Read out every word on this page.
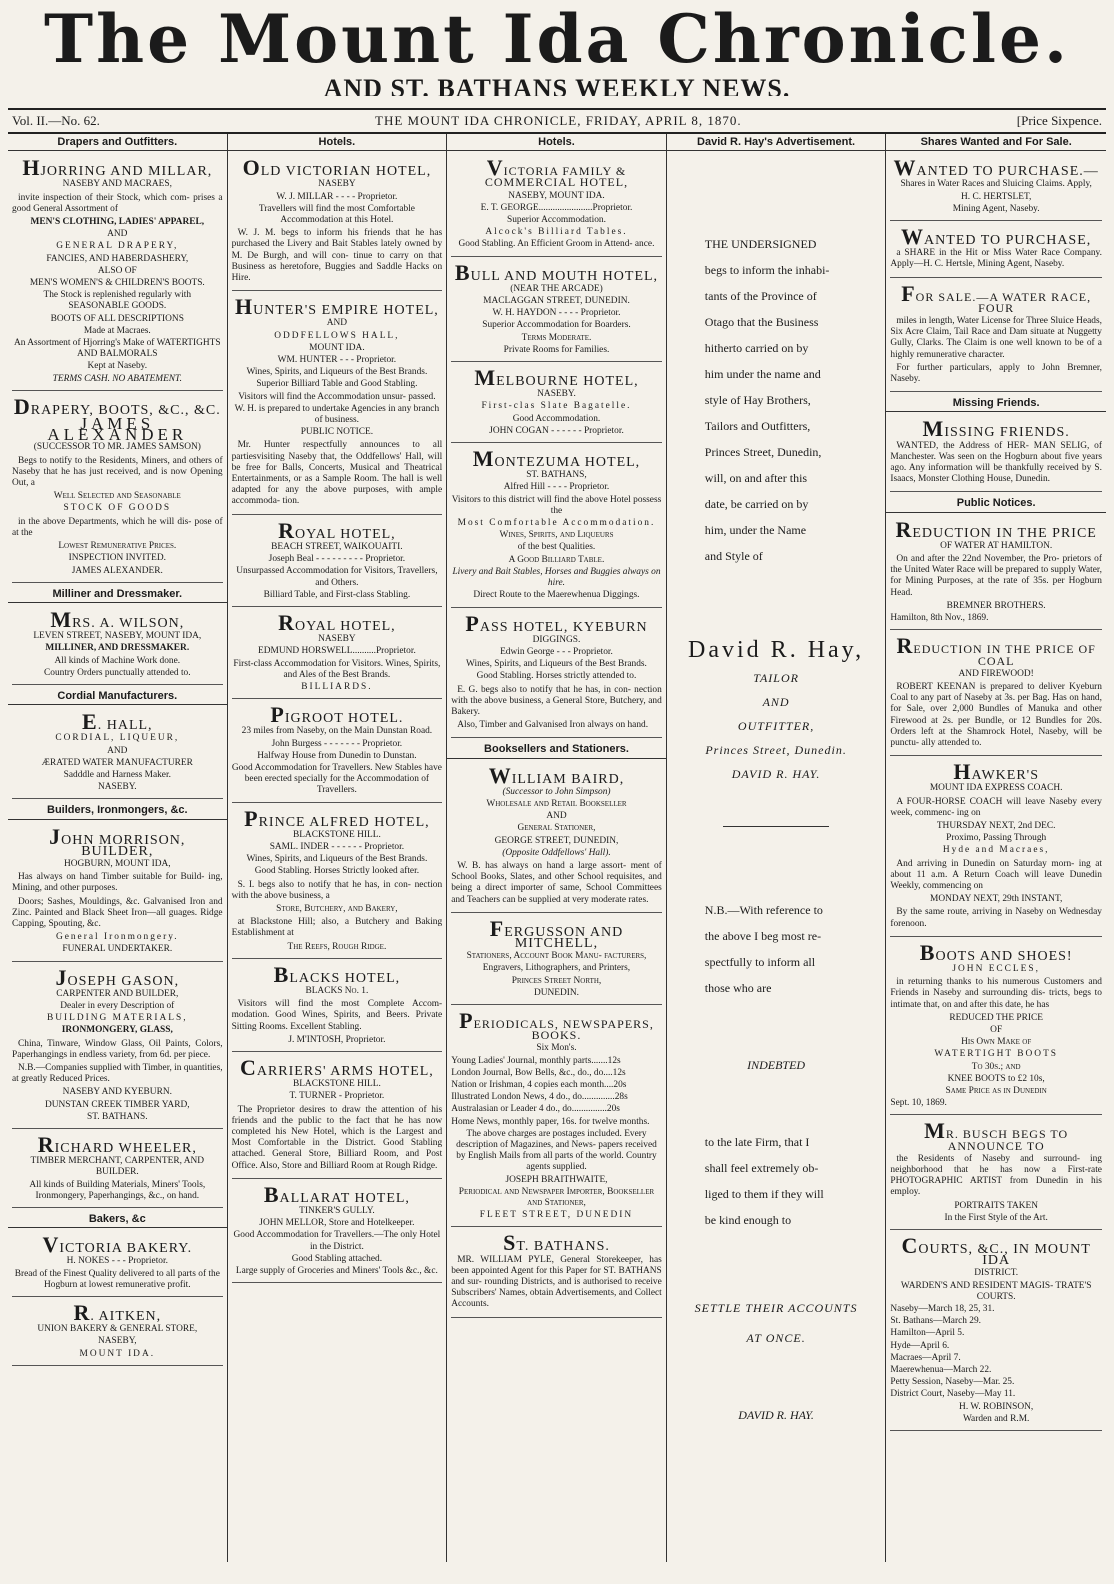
The Mount Ida Chronicle.
AND ST. BATHANS WEEKLY NEWS.
Vol. II.—No. 62.	THE MOUNT IDA CHRONICLE, FRIDAY, APRIL 8, 1870.	[Price Sixpence.
Drapers and Outfitters.
HJORRING AND MILLAR,
NASEBY AND MACRAES,
invite inspection of their Stock, which com- prises a good General Assortment of
MEN'S CLOTHING, LADIES' APPAREL,
AND
GENERAL DRAPERY,
FANCIES, AND HABERDASHERY,
ALSO OF
MEN'S WOMEN'S & CHILDREN'S BOOTS.
The Stock is replenished regularly with SEASONABLE GOODS.
BOOTS OF ALL DESCRIPTIONS
Made at Macraes.
An Assortment of Hjorring's Make of WATERTIGHTS AND BALMORALS
Kept at Naseby.
TERMS CASH. NO ABATEMENT.
DRAPERY, BOOTS, &C., &C.
JAMES ALEXANDER
(SUCCESSOR TO MR. JAMES SAMSON)
Begs to notify to the Residents, Miners, and others of Naseby that he has just received, and is now Opening Out, a
Well Selected and Seasonable
STOCK OF GOODS
in the above Departments, which he will dis- pose of at the
Lowest Remunerative Prices.
INSPECTION INVITED.
JAMES ALEXANDER.
Milliner and Dressmaker.
MRS. A. WILSON,
LEVEN STREET, NASEBY, MOUNT IDA,
MILLINER, AND DRESSMAKER.
All kinds of Machine Work done.
Country Orders punctually attended to.
Cordial Manufacturers.
E. HALL,
CORDIAL, LIQUEUR,
AND
ÆRATED WATER MANUFACTURER
Sadddle and Harness Maker.
NASEBY.
Builders, Ironmongers, &c.
JOHN MORRISON, BUILDER,
HOGBURN, MOUNT IDA,
Has always on hand Timber suitable for Build- ing, Mining, and other purposes.
Doors; Sashes, Mouldings, &c. Galvanised Iron and Zinc. Painted and Black Sheet Iron—all guages. Ridge Capping, Spouting, &c.
General Ironmongery.
FUNERAL UNDERTAKER.
JOSEPH GASON,
CARPENTER AND BUILDER,
Dealer in every Description of
BUILDING MATERIALS,
IRONMONGERY, GLASS,
China, Tinware, Window Glass, Oil Paints, Colors, Paperhangings in endless variety, from 6d. per piece.
N.B.—Companies supplied with Timber, in quantities, at greatly Reduced Prices.
NASEBY AND KYEBURN.
DUNSTAN CREEK TIMBER YARD,
ST. BATHANS.
RICHARD WHEELER,
TIMBER MERCHANT, CARPENTER, AND BUILDER.
All kinds of Building Materials, Miners' Tools, Ironmongery, Paperhangings, &c., on hand.
Bakers, &c
VICTORIA BAKERY.
H. NOKES - - - Proprietor.
Bread of the Finest Quality delivered to all parts of the Hogburn at lowest remunerative profit.
R. AITKEN,
UNION BAKERY & GENERAL STORE,
NASEBY,
MOUNT IDA.
Hotels.
OLD VICTORIAN HOTEL,
NASEBY
W. J. MILLAR - - - - Proprietor.
Travellers will find the most Comfortable Accommodation at this Hotel.
W. J. M. begs to inform his friends that he has purchased the Livery and Bait Stables lately owned by M. De Burgh, and will con- tinue to carry on that Business as heretofore, Buggies and Saddle Hacks on Hire.
HUNTER'S EMPIRE HOTEL,
AND
ODDFELLOWS HALL,
MOUNT IDA.
WM. HUNTER - - - Proprietor.
Wines, Spirits, and Liqueurs of the Best Brands.
Superior Billiard Table and Good Stabling.
Visitors will find the Accommodation unsur- passed.
W. H. is prepared to undertake Agencies in any branch of business.
PUBLIC NOTICE.
Mr. Hunter respectfully announces to all partiesvisiting Naseby that, the Oddfellows' Hall, will be free for Balls, Concerts, Musical and Theatrical Entertainments, or as a Sample Room. The hall is well adapted for any the above purposes, with ample accommoda- tion.
ROYAL HOTEL,
BEACH STREET, WAIKOUAITI.
Joseph Beal - - - - - - - - - Proprietor.
Unsurpassed Accommodation for Visitors, Travellers, and Others.
Billiard Table, and First-class Stabling.
ROYAL HOTEL,
NASEBY
EDMUND HORSWELL..........Proprietor.
First-class Accommodation for Visitors. Wines, Spirits, and Ales of the Best Brands.
BILLIARDS.
PIGROOT HOTEL.
23 miles from Naseby, on the Main Dunstan Road.
John Burgess - - - - - - - Proprietor.
Halfway House from Dunedin to Dunstan.
Good Accommodation for Travellers. New Stables have been erected specially for the Accommodation of Travellers.
PRINCE ALFRED HOTEL,
BLACKSTONE HILL.
SAML. INDER - - - - - - Proprietor.
Wines, Spirits, and Liqueurs of the Best Brands.
Good Stabling. Horses Strictly looked after.
S. I. begs also to notify that he has, in con- nection with the above business, a
Store, Butchery, and Bakery,
at Blackstone Hill; also, a Butchery and Baking Establishment at
The Reefs, Rough Ridge.
BLACKS HOTEL,
BLACKS No. 1.
Visitors will find the most Complete Accom- modation. Good Wines, Spirits, and Beers. Private Sitting Rooms. Excellent Stabling.
J. M'INTOSH, Proprietor.
CARRIERS' ARMS HOTEL,
BLACKSTONE HILL.
T. TURNER - Proprietor.
The Proprietor desires to draw the attention of his friends and the public to the fact that he has now completed his New Hotel, which is the Largest and Most Comfortable in the District. Good Stabling attached. General Store, Billiard Room, and Post Office. Also, Store and Billiard Room at Rough Ridge.
BALLARAT HOTEL,
TINKER'S GULLY.
JOHN MELLOR, Store and Hotelkeeper.
Good Accommodation for Travellers.—The only Hotel in the District.
Good Stabling attached.
Large supply of Groceries and Miners' Tools &c., &c.
Hotels.
VICTORIA FAMILY & COMMERCIAL HOTEL,
NASEBY, MOUNT IDA.
E. T. GEORGE.......................Proprietor.
Superior Accommodation.
Alcock's Billiard Tables.
Good Stabling. An Efficient Groom in Attend- ance.
BULL AND MOUTH HOTEL,
(NEAR THE ARCADE)
MACLAGGAN STREET, DUNEDIN.
W. H. HAYDON - - - - Proprietor.
Superior Accommodation for Boarders.
Terms Moderate.
Private Rooms for Families.
MELBOURNE HOTEL,
NASEBY.
First-clas Slate Bagatelle.
Good Accommodation.
JOHN COGAN - - - - - - Proprietor.
MONTEZUMA HOTEL,
ST. BATHANS,
Alfred Hill - - - - Proprietor.
Visitors to this district will find the above Hotel possess the
Most Comfortable Accommodation.
Wines, Spirits, and Liqueurs
of the best Qualities.
A Good Billiard Table.
Livery and Bait Stables, Horses and Buggies always on hire.
Direct Route to the Maerewhenua Diggings.
PASS HOTEL, KYEBURN
DIGGINGS.
Edwin George - - - Proprietor.
Wines, Spirits, and Liqueurs of the Best Brands.
Good Stabling. Horses strictly attended to.
E. G. begs also to notify that he has, in con- nection with the above business, a General Store, Butchery, and Bakery.
Also, Timber and Galvanised Iron always on hand.
Booksellers and Stationers.
WILLIAM BAIRD,
(Successor to John Simpson)
Wholesale and Retail Bookseller
AND
General Stationer,
GEORGE STREET, DUNEDIN,
(Opposite Oddfellows' Hall).
W. B. has always on hand a large assort- ment of School Books, Slates, and other School requisites, and being a direct importer of same, School Committees and Teachers can be supplied at very moderate rates.
FERGUSSON AND MITCHELL,
Stationers, Account Book Manu- facturers,
Engravers, Lithographers, and Printers,
Princes Street North,
DUNEDIN.
PERIODICALS, NEWSPAPERS, BOOKS.
Six Mon's.
Young Ladies' Journal, monthly parts.......12s
London Journal, Bow Bells, &c., do., do....12s
Nation or Irishman, 4 copies each month....20s
Illustrated London News, 4 do., do..............28s
Australasian or Leader 4 do., do...............20s
Home News, monthly paper, 16s. for twelve months.
The above charges are postages included. Every description of Magazines, and News- papers received by English Mails from all parts of the world. Country agents supplied.
JOSEPH BRAITHWAITE,
Periodical and Newspaper Importer, Bookseller and Stationer,
FLEET STREET, DUNEDIN
ST. BATHANS.
MR. WILLIAM PYLE, General Storekeeper, has been appointed Agent for this Paper for ST. BATHANS and sur- rounding Districts, and is authorised to receive Subscribers' Names, obtain Advertisements, and Collect Accounts.
David R. Hay's Advertisement.
THE UNDERSIGNED
begs to inform the inhabi-
tants of the Province of
Otago that the Business
hitherto carried on by
him under the name and
style of Hay Brothers,
Tailors and Outfitters,
Princes Street, Dunedin,
will, on and after this
date, be carried on by
him, under the Name
and Style of
David R. Hay,
TAILOR
AND
OUTFITTER,
Princes Street, Dunedin.
DAVID R. HAY.
N.B.—With reference to
the above I beg most re-
spectfully to inform all
those who are
INDEBTED
to the late Firm, that I
shall feel extremely ob-
liged to them if they will
be kind enough to
SETTLE THEIR ACCOUNTS
AT ONCE.
DAVID R. HAY.
Shares Wanted and For Sale.
WANTED TO PURCHASE.—
Shares in Water Races and Sluicing Claims. Apply,
H. C. HERTSLET,
Mining Agent, Naseby.
WANTED TO PURCHASE,
a SHARE in the Hit or Miss Water Race Company. Apply—H. C. Hertsle, Mining Agent, Naseby.
FOR SALE.—A WATER RACE, FOUR
miles in length, Water License for Three Sluice Heads, Six Acre Claim, Tail Race and Dam situate at Nuggetty Gully, Clarks. The Claim is one well known to be of a highly remunerative character.
For further particulars, apply to John Bremner, Naseby.
Missing Friends.
MISSING FRIENDS.
WANTED, the Address of HER- MAN SELIG, of Manchester. Was seen on the Hogburn about five years ago. Any information will be thankfully received by S. Isaacs, Monster Clothing House, Dunedin.
Public Notices.
REDUCTION IN THE PRICE
OF WATER AT HAMILTON.
On and after the 22nd November, the Pro- prietors of the United Water Race will be prepared to supply Water, for Mining Purposes, at the rate of 35s. per Hogburn Head.
BREMNER BROTHERS.
Hamilton, 8th Nov., 1869.
REDUCTION IN THE PRICE OF COAL
AND FIREWOOD!
ROBERT KEENAN is prepared to deliver Kyeburn Coal to any part of Naseby at 3s. per Bag. Has on hand, for Sale, over 2,000 Bundles of Manuka and other Firewood at 2s. per Bundle, or 12 Bundles for 20s. Orders left at the Shamrock Hotel, Naseby, will be punctu- ally attended to.
HAWKER'S
MOUNT IDA EXPRESS COACH.
A FOUR-HORSE COACH will leave Naseby every week, commenc- ing on
THURSDAY NEXT, 2nd DEC.
Proximo, Passing Through
Hyde and Macraes,
And arriving in Dunedin on Saturday morn- ing at about 11 a.m. A Return Coach will leave Dunedin Weekly, commencing on
MONDAY NEXT, 29th INSTANT,
By the same route, arriving in Naseby on Wednesday forenoon.
BOOTS AND SHOES!
JOHN ECCLES,
in returning thanks to his numerous Customers and Friends in Naseby and surrounding dis- tricts, begs to intimate that, on and after this date, he has
REDUCED THE PRICE
OF
His Own Make of
WATERTIGHT BOOTS
To 30s.; and
KNEE BOOTS to £2 10s,
Same Price as in Dunedin
Sept. 10, 1869.
MR. BUSCH BEGS TO ANNOUNCE TO
the Residents of Naseby and surround- ing neighborhood that he has now a First-rate PHOTOGRAPHIC ARTIST from Dunedin in his employ.
PORTRAITS TAKEN
In the First Style of the Art.
COURTS, &C., IN MOUNT IDA
DISTRICT.
WARDEN'S AND RESIDENT MAGIS- TRATE'S COURTS.
Naseby—March 18, 25, 31.
St. Bathans—March 29.
Hamilton—April 5.
Hyde—April 6.
Macraes—April 7.
Maerewhenua—March 22.
Petty Session, Naseby—Mar. 25.
District Court, Naseby—May 11.
H. W. ROBINSON,
Warden and R.M.
